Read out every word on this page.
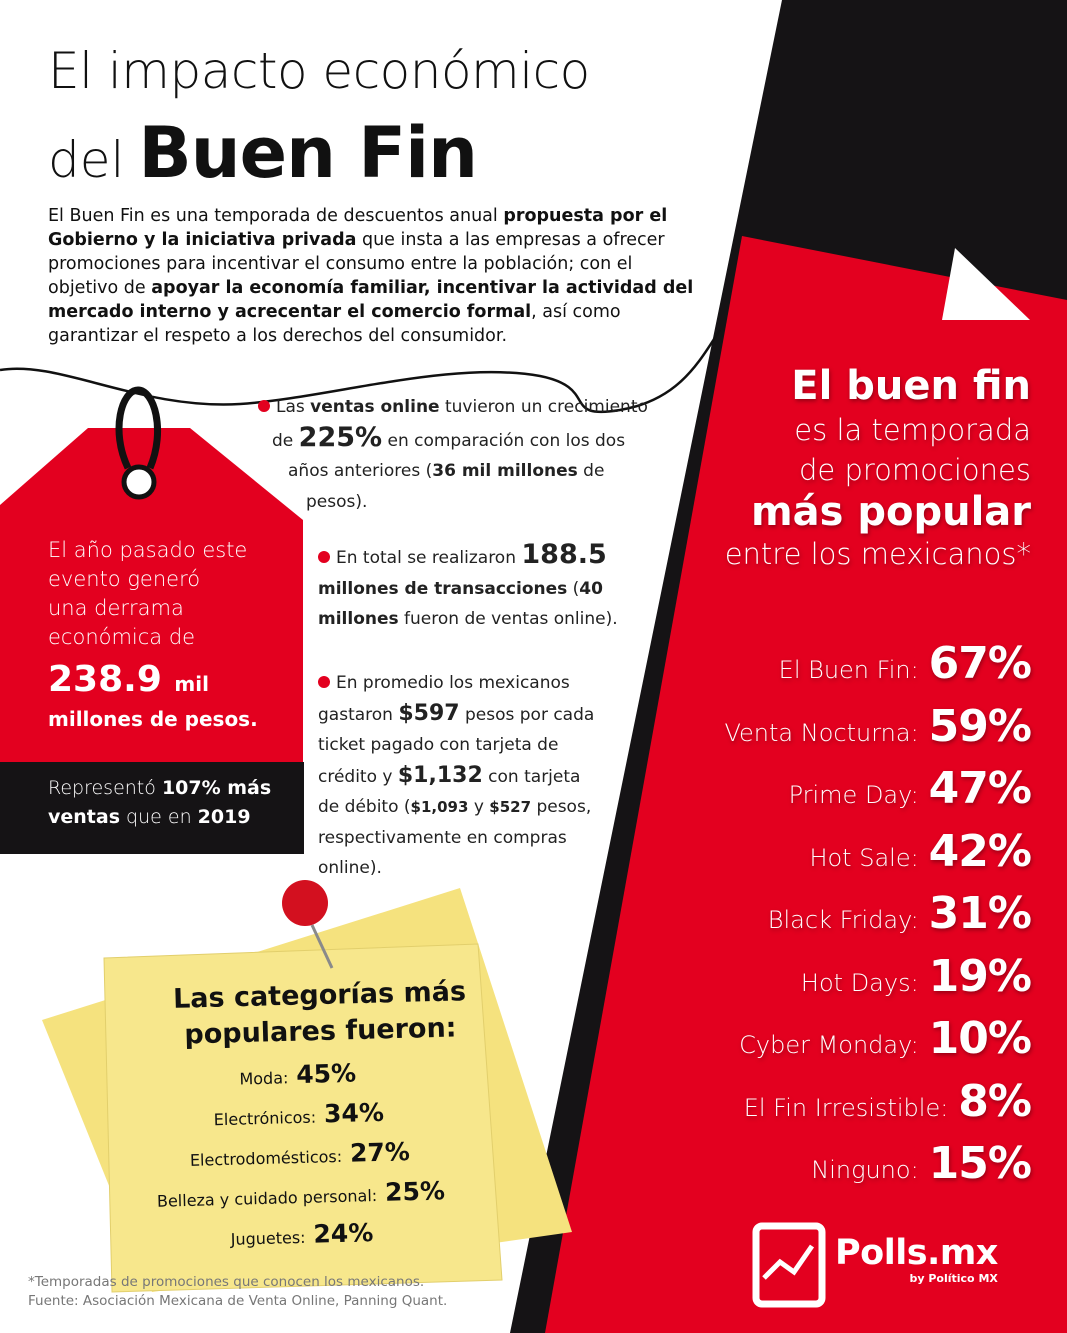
El impacto económico
del Buen Fin
El Buen Fin es una temporada de descuentos anual propuesta por el Gobierno y la iniciativa privada que insta a las empresas a ofrecer promociones para incentivar el consumo entre la población; con el objetivo de apoyar la economía familiar, incentivar la actividad del mercado interno y acrecentar el comercio formal, así como garantizar el respeto a los derechos del consumidor.
El año pasado este
evento generó
una derrama
económica de
238.9 mil
millones de pesos.
Representó 107% más ventas que en 2019
Las ventas online tuvieron un crecimiento
de 225% en comparación con los dos
años anteriores (36 mil millones de
pesos).
En total se realizaron 188.5
millones de transacciones (40
millones fueron de ventas online).
En promedio los mexicanos
gastaron $597 pesos por cada
ticket pagado con tarjeta de
crédito y $1,132 con tarjeta
de débito ($1,093 y $527 pesos,
respectivamente en compras
online).
El buen fin
es la temporada
de promociones
más popular
entre los mexicanos*
El Buen Fin: 67%
Venta Nocturna: 59%
Prime Day: 47%
Hot Sale: 42%
Black Friday: 31%
Hot Days: 19%
Cyber Monday: 10%
El Fin Irresistible: 8%
Ninguno: 15%
Las categorías más
populares fueron:
Moda: 45%
Electrónicos: 34%
Electrodomésticos: 27%
Belleza y cuidado personal: 25%
Juguetes: 24%
*Temporadas de promociones que conocen los mexicanos.
Fuente: Asociación Mexicana de Venta Online, Panning Quant.
Polls.mx
by Político MX
